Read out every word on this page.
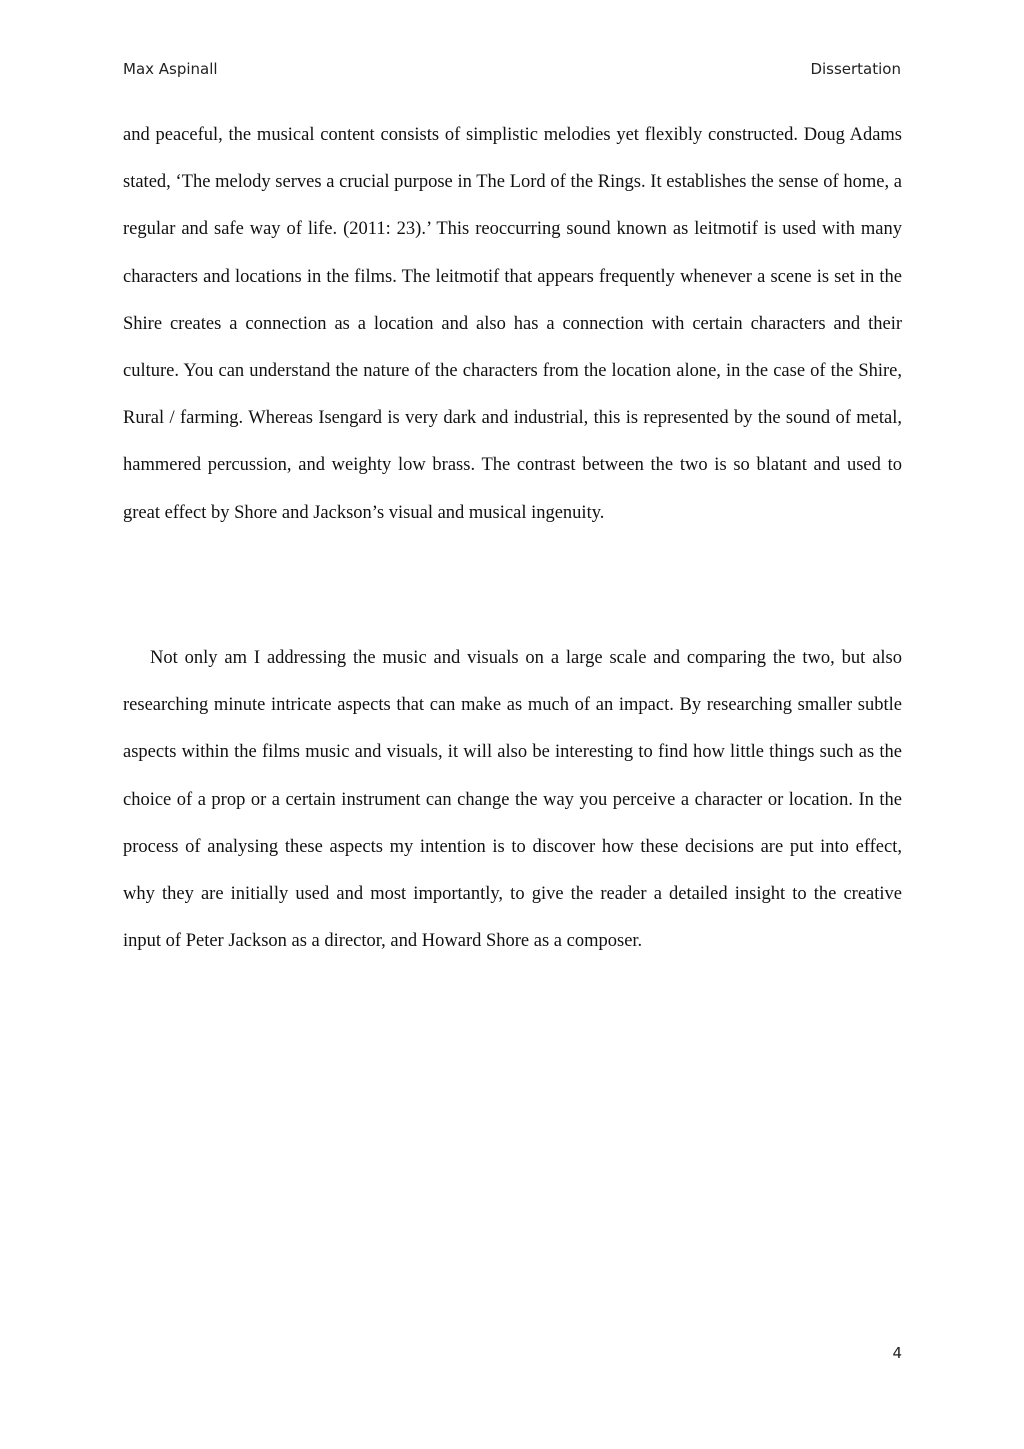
Max Aspinall	Dissertation

and peaceful, the musical content consists of simplistic melodies yet flexibly constructed. Doug Adams stated, ‘The melody serves a crucial purpose in The Lord of the Rings. It establishes the sense of home, a regular and safe way of life. (2011: 23).’ This reoccurring sound known as leitmotif is used with many characters and locations in the films. The leitmotif that appears frequently whenever a scene is set in the Shire creates a connection as a location and also has a connection with certain characters and their culture. You can understand the nature of the characters from the location alone, in the case of the Shire, Rural / farming. Whereas Isengard is very dark and industrial, this is represented by the sound of metal, hammered percussion, and weighty low brass. The contrast between the two is so blatant and used to great effect by Shore and Jackson’s visual and musical ingenuity.

Not only am I addressing the music and visuals on a large scale and comparing the two, but also researching minute intricate aspects that can make as much of an impact. By researching smaller subtle aspects within the films music and visuals, it will also be interesting to find how little things such as the choice of a prop or a certain instrument can change the way you perceive a character or location. In the process of analysing these aspects my intention is to discover how these decisions are put into effect, why they are initially used and most importantly, to give the reader a detailed insight to the creative input of Peter Jackson as a director, and Howard Shore as a composer.

4
